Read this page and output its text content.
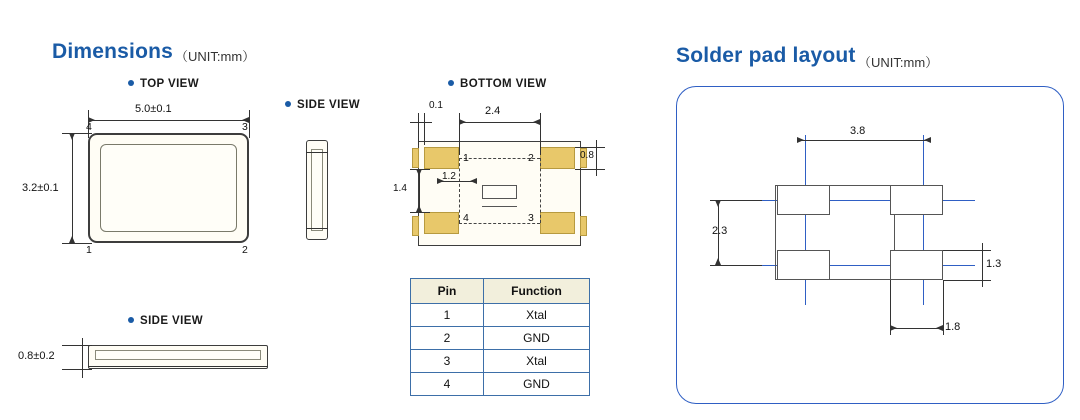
Dimensions （UNIT:mm）
TOP VIEW
5.0±0.1
3.2±0.1
4	3
1	2
SIDE VIEW
BOTTOM VIEW
1	2
4	3
0.1	2.4
0.8
1.4
1.2
SIDE VIEW
0.8±0.2
Pin	Function
1	Xtal
2	GND
3	Xtal
4	GND
Solder pad layout （UNIT:mm）
3.8
2.3
1.3
1.8
